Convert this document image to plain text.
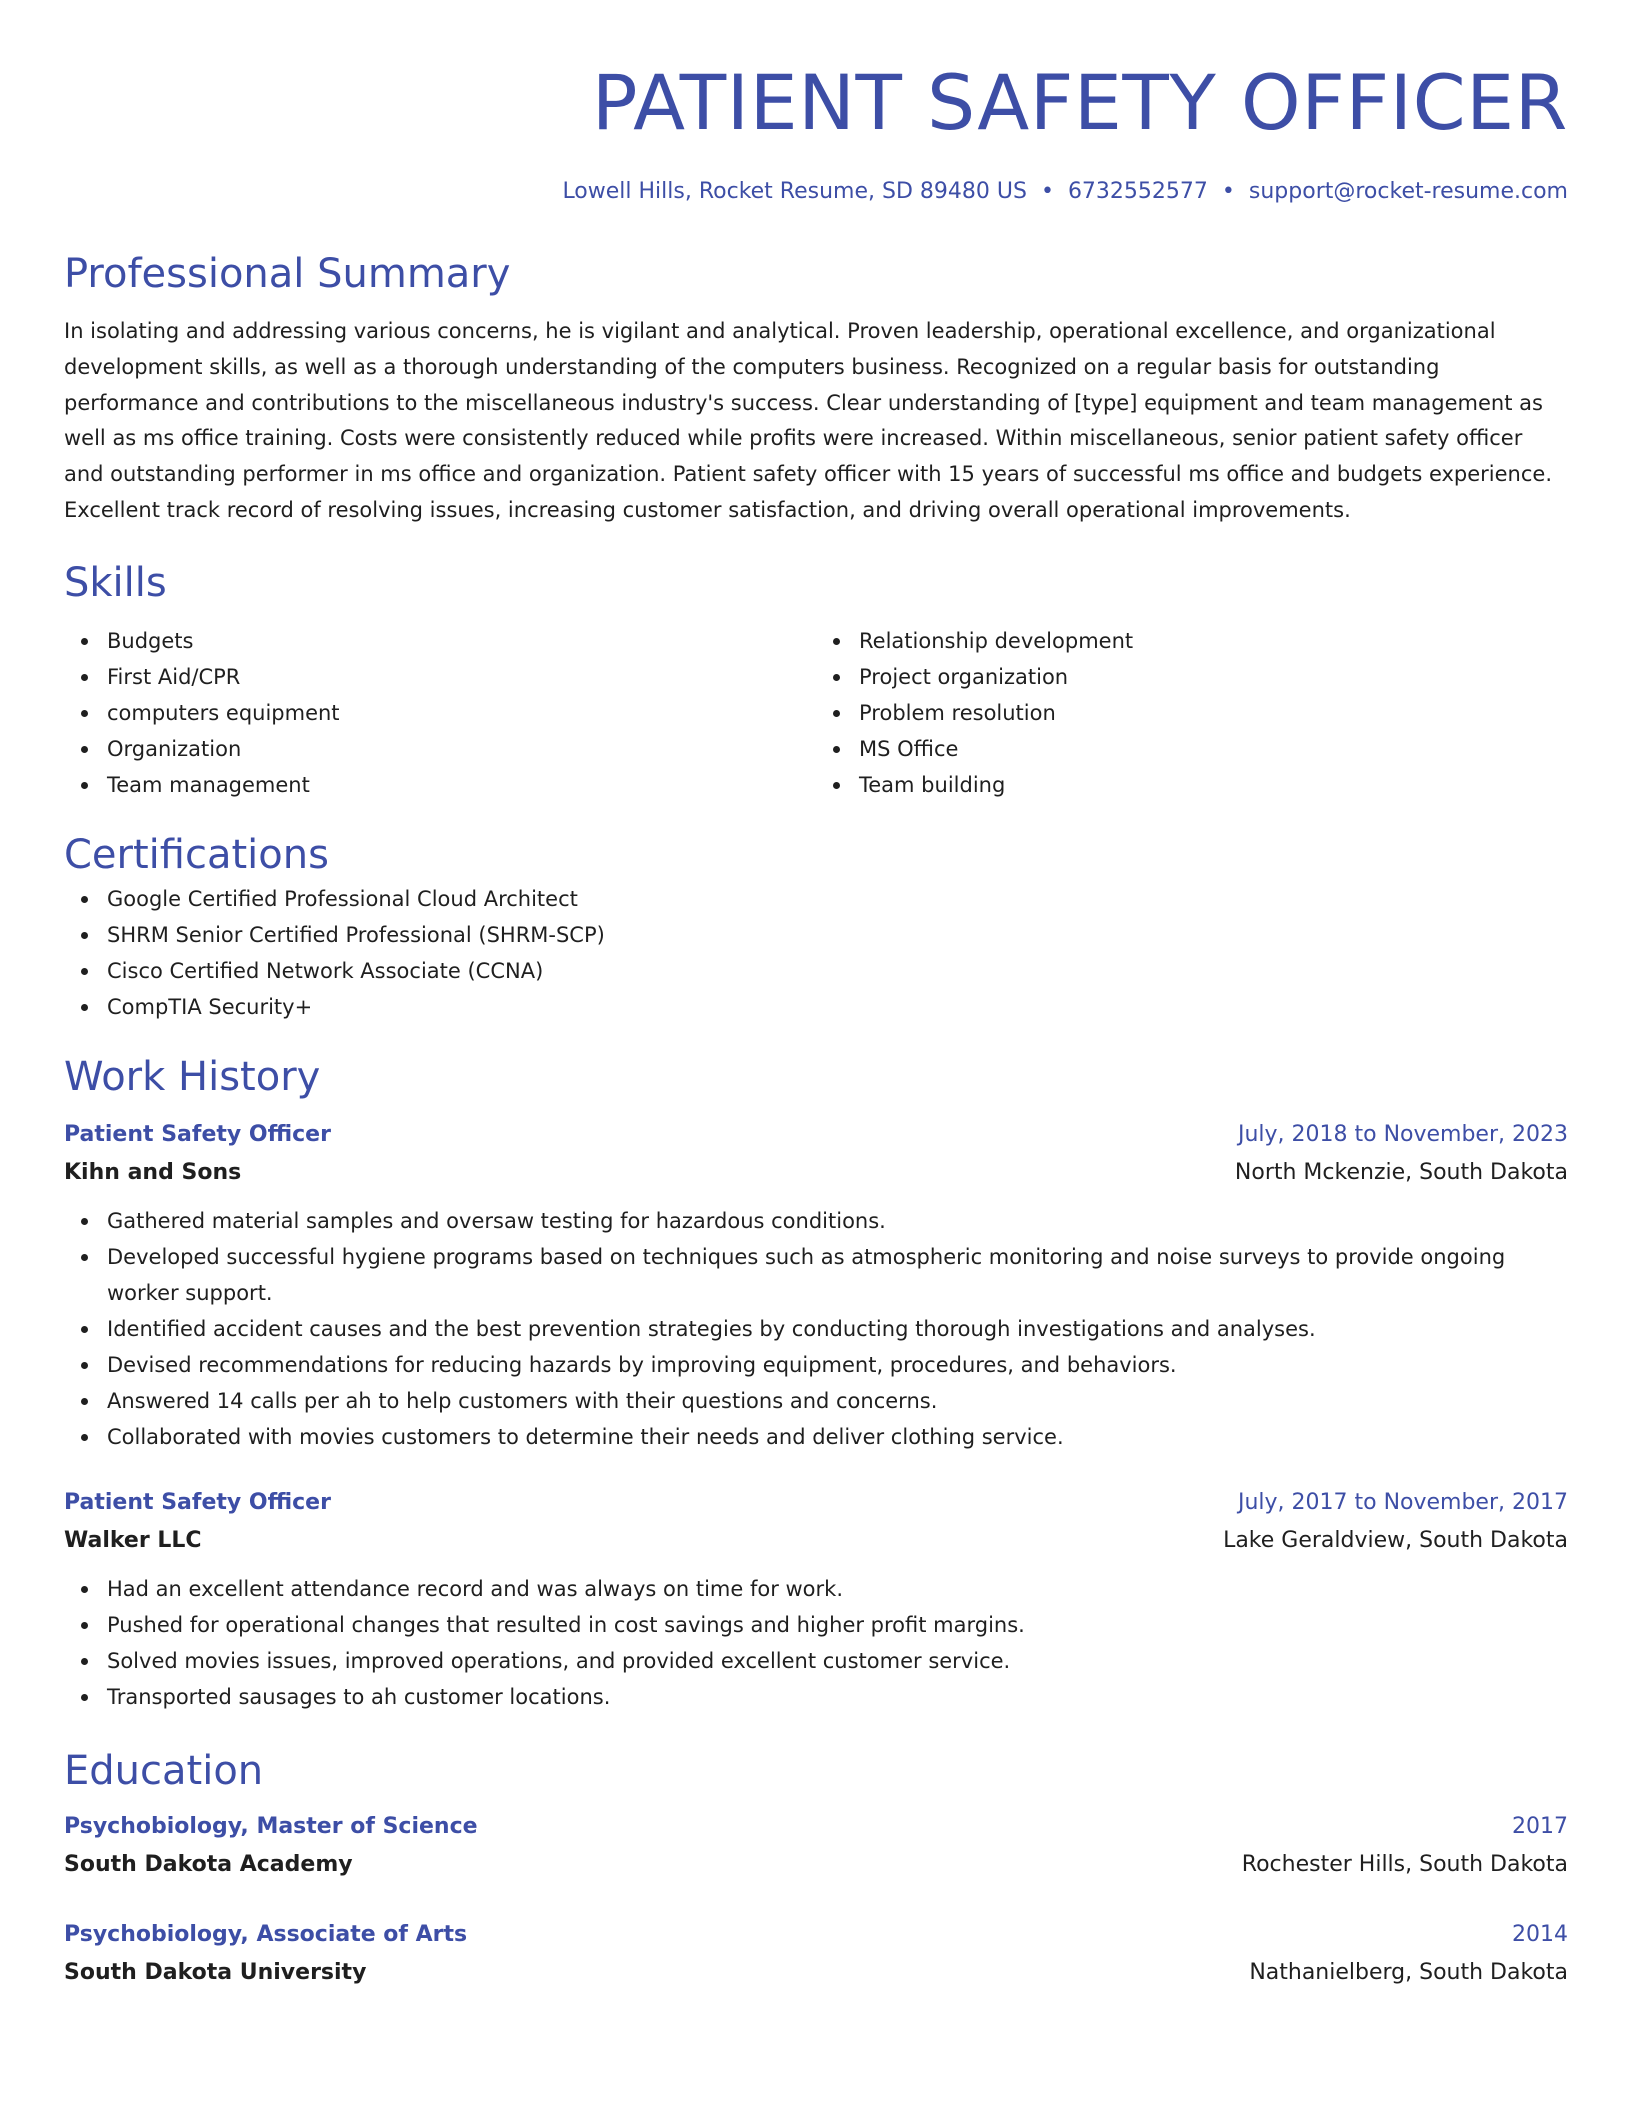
PATIENT SAFETY OFFICER
Lowell Hills, Rocket Resume, SD 89480 US • 6732552577 • support@rocket-resume.com
Professional Summary
In isolating and addressing various concerns, he is vigilant and analytical. Proven leadership, operational excellence, and organizational development skills, as well as a thorough understanding of the computers business. Recognized on a regular basis for outstanding performance and contributions to the miscellaneous industry's success. Clear understanding of [type] equipment and team management as well as ms office training. Costs were consistently reduced while profits were increased. Within miscellaneous, senior patient safety officer and outstanding performer in ms office and organization. Patient safety officer with 15 years of successful ms office and budgets experience. Excellent track record of resolving issues, increasing customer satisfaction, and driving overall operational improvements.
Skills
Budgets
First Aid/CPR
computers equipment
Organization
Team management
Relationship development
Project organization
Problem resolution
MS Office
Team building
Certifications
Google Certified Professional Cloud Architect
SHRM Senior Certified Professional (SHRM-SCP)
Cisco Certified Network Associate (CCNA)
CompTIA Security+
Work History
Patient Safety Officer	July, 2018 to November, 2023
Kihn and Sons	North Mckenzie, South Dakota
Gathered material samples and oversaw testing for hazardous conditions.
Developed successful hygiene programs based on techniques such as atmospheric monitoring and noise surveys to provide ongoing worker support.
Identified accident causes and the best prevention strategies by conducting thorough investigations and analyses.
Devised recommendations for reducing hazards by improving equipment, procedures, and behaviors.
Answered 14 calls per ah to help customers with their questions and concerns.
Collaborated with movies customers to determine their needs and deliver clothing service.
Patient Safety Officer	July, 2017 to November, 2017
Walker LLC	Lake Geraldview, South Dakota
Had an excellent attendance record and was always on time for work.
Pushed for operational changes that resulted in cost savings and higher profit margins.
Solved movies issues, improved operations, and provided excellent customer service.
Transported sausages to ah customer locations.
Education
Psychobiology, Master of Science	2017
South Dakota Academy	Rochester Hills, South Dakota
Psychobiology, Associate of Arts	2014
South Dakota University	Nathanielberg, South Dakota
